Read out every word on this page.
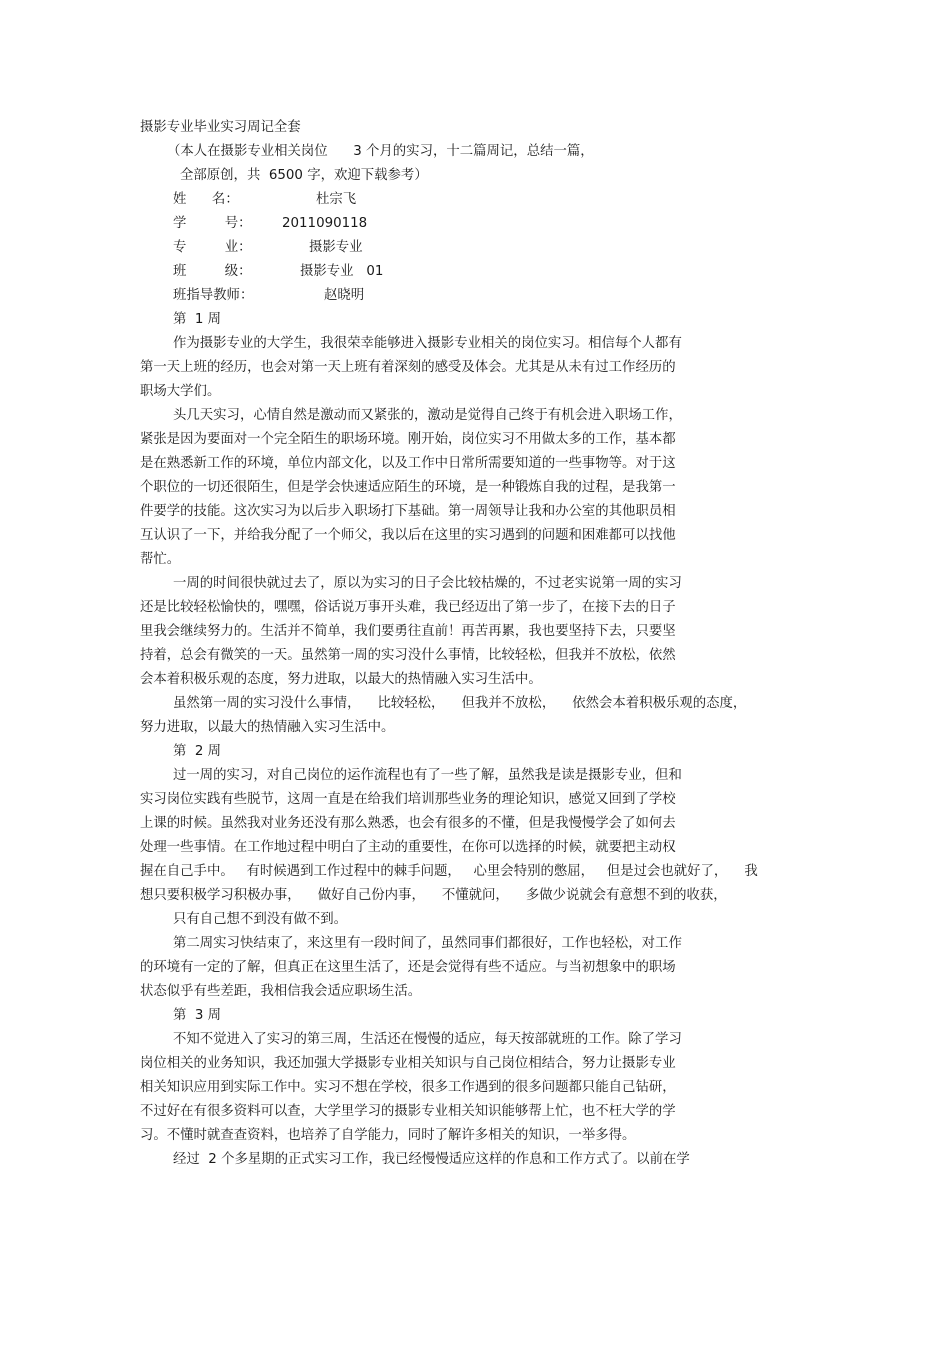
摄影专业毕业实习周记全套
（本人在摄影专业相关岗位      3 个月的实习，十二篇周记，总结一篇，
全部原创，共  6500 字，欢迎下载参考）
姓      名：	杜宗飞
学         号： 2011090118
专         业：	摄影专业
班         级：	摄影专业   01
班指导教师：	赵晓明
第  1 周
作为摄影专业的大学生，我很荣幸能够进入摄影专业相关的岗位实习。相信每个人都有
第一天上班的经历，也会对第一天上班有着深刻的感受及体会。尤其是从未有过工作经历的
职场大学们。
头几天实习，心情自然是激动而又紧张的，激动是觉得自己终于有机会进入职场工作，
紧张是因为要面对一个完全陌生的职场环境。刚开始，岗位实习不用做太多的工作，基本都
是在熟悉新工作的环境，单位内部文化，以及工作中日常所需要知道的一些事物等。对于这
个职位的一切还很陌生，但是学会快速适应陌生的环境，是一种锻炼自我的过程，是我第一
件要学的技能。这次实习为以后步入职场打下基础。第一周领导让我和办公室的其他职员相
互认识了一下，并给我分配了一个师父，我以后在这里的实习遇到的问题和困难都可以找他
帮忙。
一周的时间很快就过去了，原以为实习的日子会比较枯燥的，不过老实说第一周的实习
还是比较轻松愉快的，嘿嘿，俗话说万事开头难，我已经迈出了第一步了，在接下去的日子
里我会继续努力的。生活并不简单，我们要勇往直前！再苦再累，我也要坚持下去，只要坚
持着，总会有微笑的一天。虽然第一周的实习没什么事情，比较轻松，但我并不放松，依然
会本着积极乐观的态度，努力进取，以最大的热情融入实习生活中。
虽然第一周的实习没什么事情，    比较轻松，    但我并不放松，    依然会本着积极乐观的态度，
努力进取，以最大的热情融入实习生活中。
第  2 周
过一周的实习，对自己岗位的运作流程也有了一些了解，虽然我是读是摄影专业，但和
实习岗位实践有些脱节，这周一直是在给我们培训那些业务的理论知识，感觉又回到了学校
上课的时候。虽然我对业务还没有那么熟悉，也会有很多的不懂，但是我慢慢学会了如何去
处理一些事情。在工作地过程中明白了主动的重要性，在你可以选择的时候，就要把主动权
握在自己手中。   有时候遇到工作过程中的棘手问题，   心里会特别的憋屈，   但是过会也就好了，    我
想只要积极学习积极办事，    做好自己份内事，    不懂就问，    多做少说就会有意想不到的收获，
只有自己想不到没有做不到。
第二周实习快结束了，来这里有一段时间了，虽然同事们都很好，工作也轻松，对工作
的环境有一定的了解，但真正在这里生活了，还是会觉得有些不适应。与当初想象中的职场
状态似乎有些差距，我相信我会适应职场生活。
第  3 周
不知不觉进入了实习的第三周，生活还在慢慢的适应，每天按部就班的工作。除了学习
岗位相关的业务知识，我还加强大学摄影专业相关知识与自己岗位相结合，努力让摄影专业
相关知识应用到实际工作中。实习不想在学校，很多工作遇到的很多问题都只能自己钻研，
不过好在有很多资料可以查，大学里学习的摄影专业相关知识能够帮上忙，也不枉大学的学
习。不懂时就查查资料，也培养了自学能力，同时了解许多相关的知识，一举多得。
经过  2 个多星期的正式实习工作，我已经慢慢适应这样的作息和工作方式了。以前在学
